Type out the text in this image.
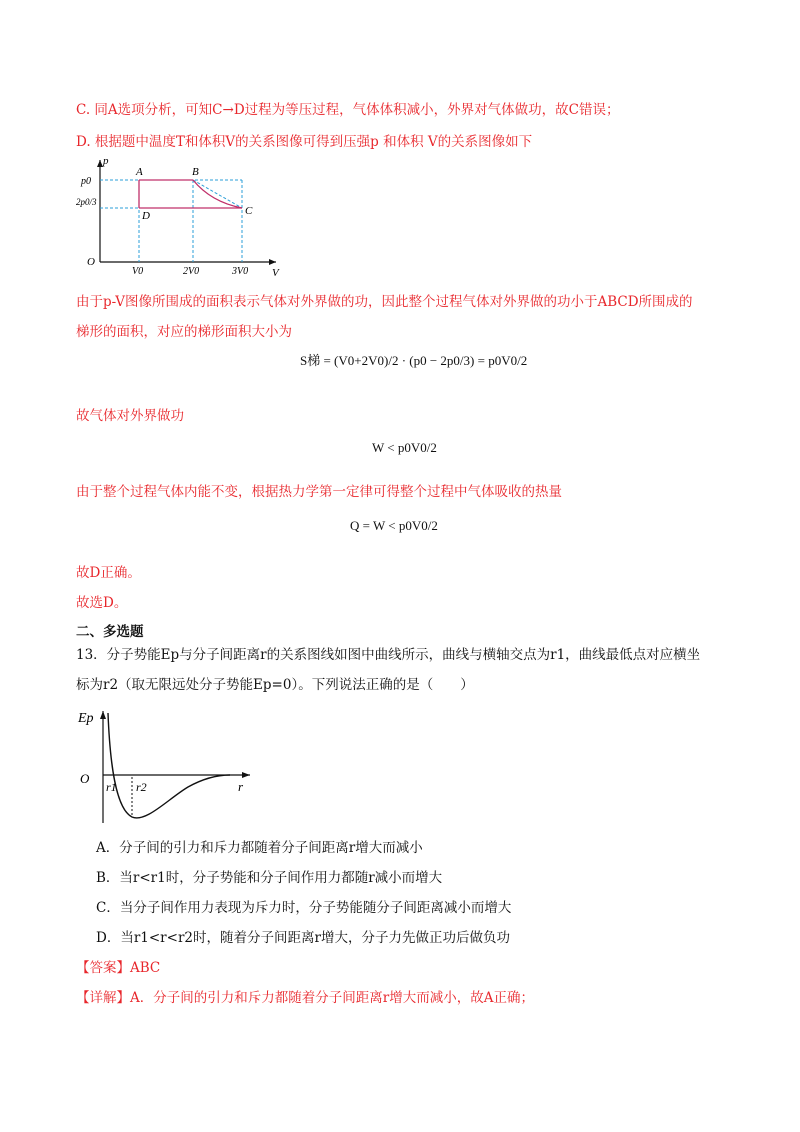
C. 同A选项分析，可知C→D过程为等压过程，气体体积减小，外界对气体做功，故C错误；
D. 根据题中温度T和体积V的关系图像可得到压强p 和体积 V的关系图像如下
p
V
O
A	B
C
D
p0
2p0/3
V0	2V0	3V0
由于p-V图像所围成的面积表示气体对外界做的功，因此整个过程气体对外界做的功小于ABCD所围成的
梯形的面积，对应的梯形面积大小为
S梯 = (V0+2V0)/2 · (p0 − 2p0/3) = p0V0/2
故气体对外界做功
W < p0V0/2
由于整个过程气体内能不变，根据热力学第一定律可得整个过程中气体吸收的热量
Q = W < p0V0/2
故D正确。
故选D。
二、多选题
13．分子势能Ep与分子间距离r的关系图线如图中曲线所示，曲线与横轴交点为r1，曲线最低点对应横坐
标为r2（取无限远处分子势能Ep=0）。下列说法正确的是（　　）
Ep
r
O
r1 r2
A．分子间的引力和斥力都随着分子间距离r增大而减小
B．当r<r1时，分子势能和分子间作用力都随r减小而增大
C．当分子间作用力表现为斥力时，分子势能随分子间距离减小而增大
D．当r1<r<r2时，随着分子间距离r增大，分子力先做正功后做负功
【答案】ABC
【详解】A．分子间的引力和斥力都随着分子间距离r增大而减小，故A正确；
